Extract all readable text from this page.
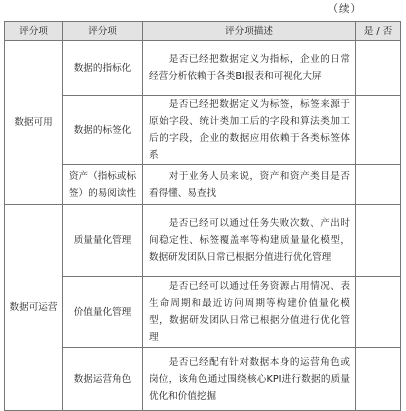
（续）
评分项	评分项	评分项描述	是 / 否
数据可用	数据的指标化	是否已经把数据定义为指标，企业的日常经营分析依赖于各类BI报表和可视化大屏	
	数据的标签化	是否已经把数据定义为标签，标签来源于原始字段、统计类加工后的字段和算法类加工后的字段，企业的数据应用依赖于各类标签体系	
	资产（指标或标签）的易阅读性	对于业务人员来说，资产和资产类目是否看得懂、易查找	
数据可运营	质量量化管理	是否已经可以通过任务失败次数、产出时间稳定性、标签覆盖率等构建质量量化模型，数据研发团队日常已根据分值进行优化管理	
	价值量化管理	是否已经可以通过任务资源占用情况、表生命周期和最近访问周期等构建价值量化模型，数据研发团队日常已根据分值进行优化管理	
	数据运营角色	是否已经配有针对数据本身的运营角色或岗位，该角色通过围绕核心KPI进行数据的质量优化和价值挖掘	
